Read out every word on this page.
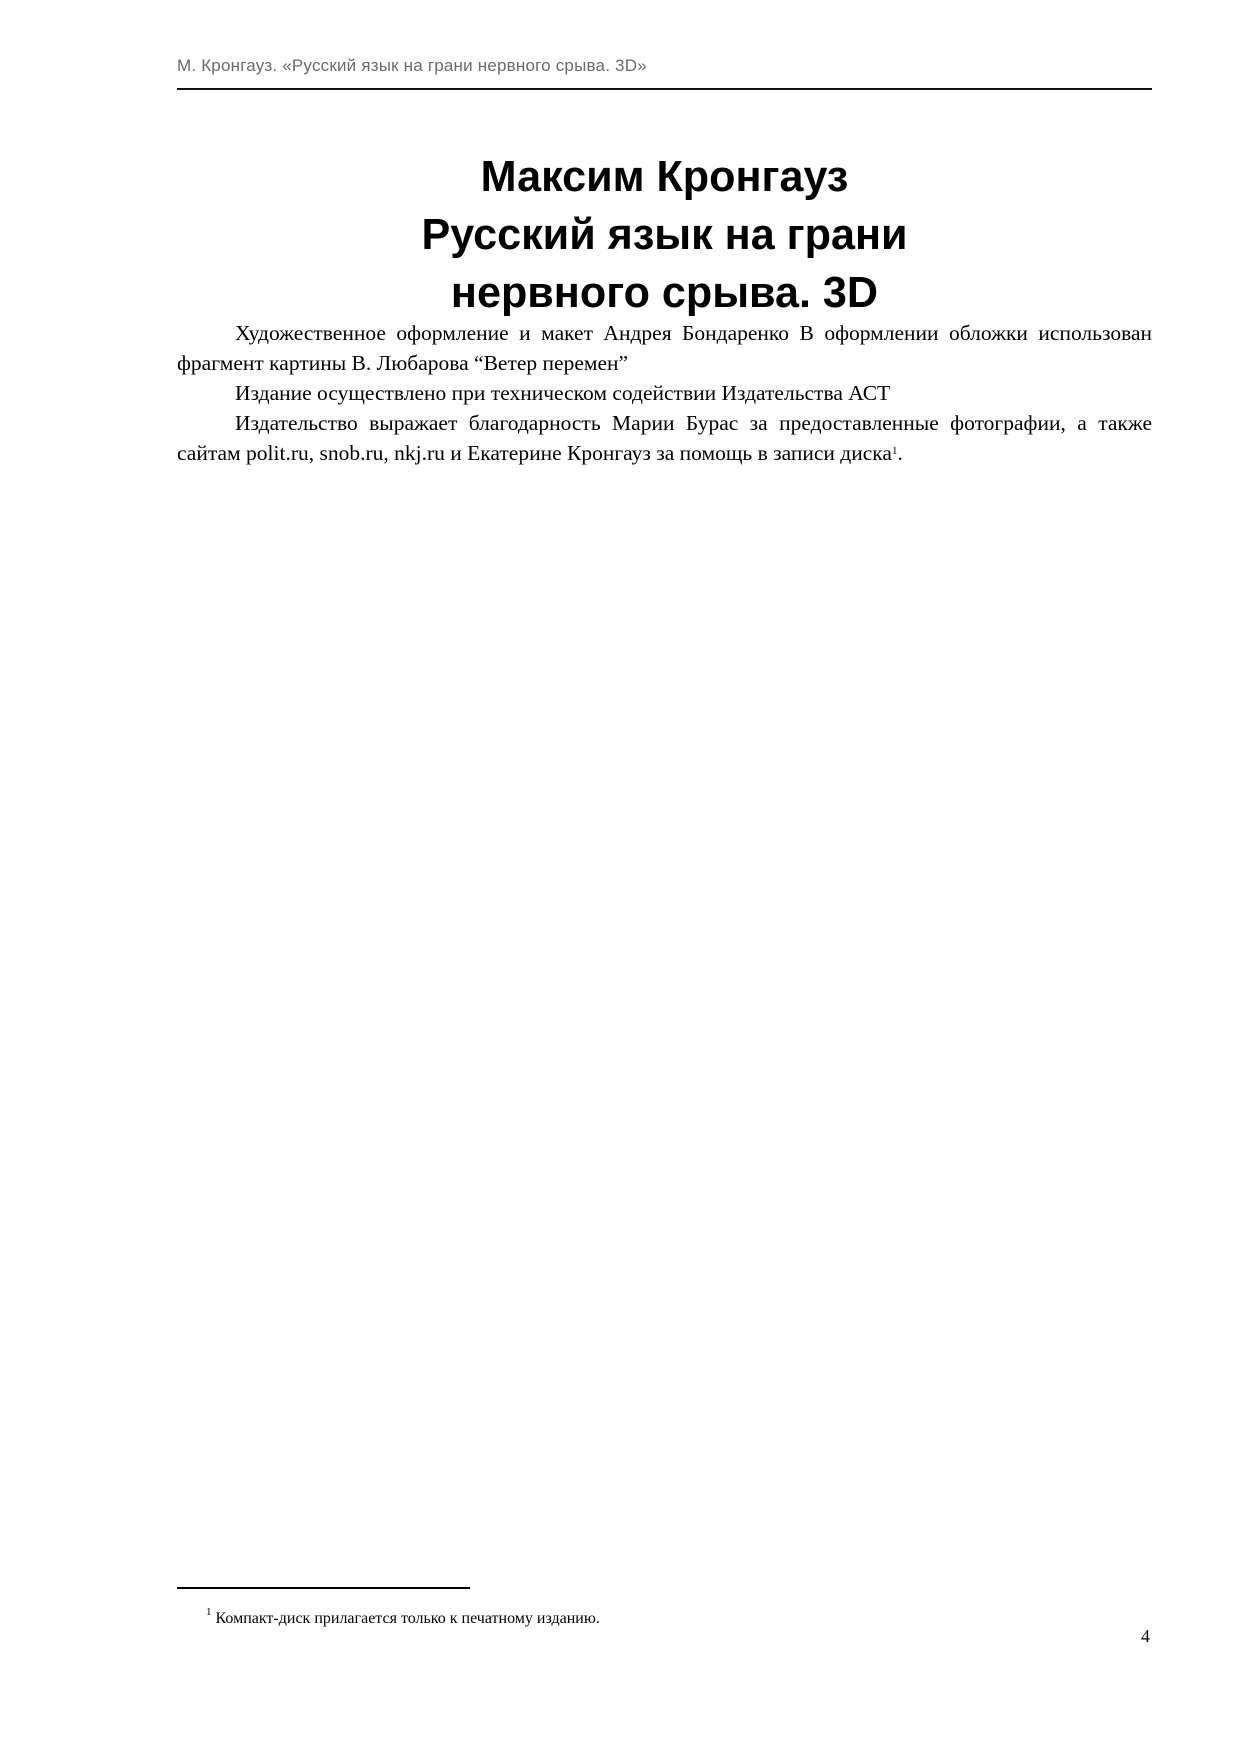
М. Кронгауз. «Русский язык на грани нервного срыва. 3D»
Максим Кронгауз
Русский язык на грани
нервного срыва. 3D

Художественное оформление и макет Андрея Бондаренко В оформлении обложки использован фрагмент картины В. Любарова “Ветер перемен”

Издание осуществлено при техническом содействии Издательства АСТ

Издательство выражает благодарность Марии Бурас за предоставленные фотографии, а также сайтам polit.ru, snob.ru, nkj.ru и Екатерине Кронгауз за помощь в записи диска$^1$.

$^1$ Компакт-диск прилагается только к печатному изданию.
4
